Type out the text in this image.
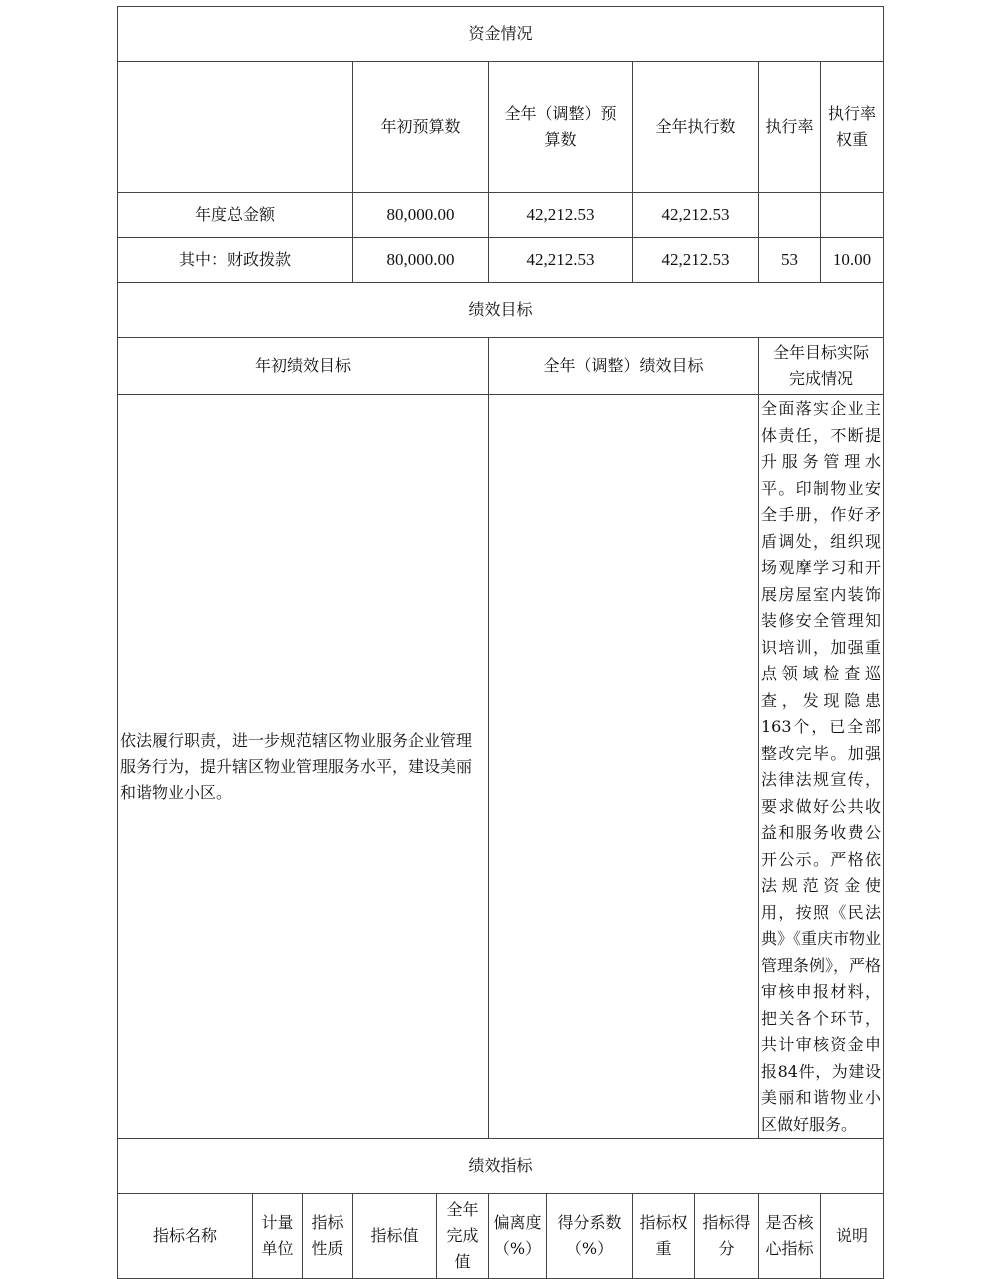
资金情况											
			年初预算数		全年（调整）预算数		全年执行数		执行率	执行率权重	
年度总金额			80,000.00		42,212.53		42,212.53				
其中：财政拨款			80,000.00		42,212.53		42,212.53		53	10.00	
绩效目标											
年初绩效目标					全年（调整）绩效目标				全年目标实际完成情况		
依法履行职责，进一步规范辖区物业服务企业管理服务行为，提升辖区物业管理服务水平，建设美丽和谐物业小区。									全面落实企业主体责任，不断提升服务管理水平。印制物业安全手册，作好矛盾调处，组织现场观摩学习和开展房屋室内装饰装修安全管理知识培训，加强重点领域检查巡查，发现隐患163个，已全部整改完毕。加强法律法规宣传，要求做好公共收益和服务收费公开公示。严格依法规范资金使用，按照《民法典》《重庆市物业管理条例》，严格审核申报材料，把关各个环节，共计审核资金申报84件，为建设美丽和谐物业小区做好服务。		
绩效指标											
指标名称	计量单位	指标性质	指标值	全年完成值	偏离度（%）	得分系数（%）	指标权重	指标得分	是否核心指标	说明	
